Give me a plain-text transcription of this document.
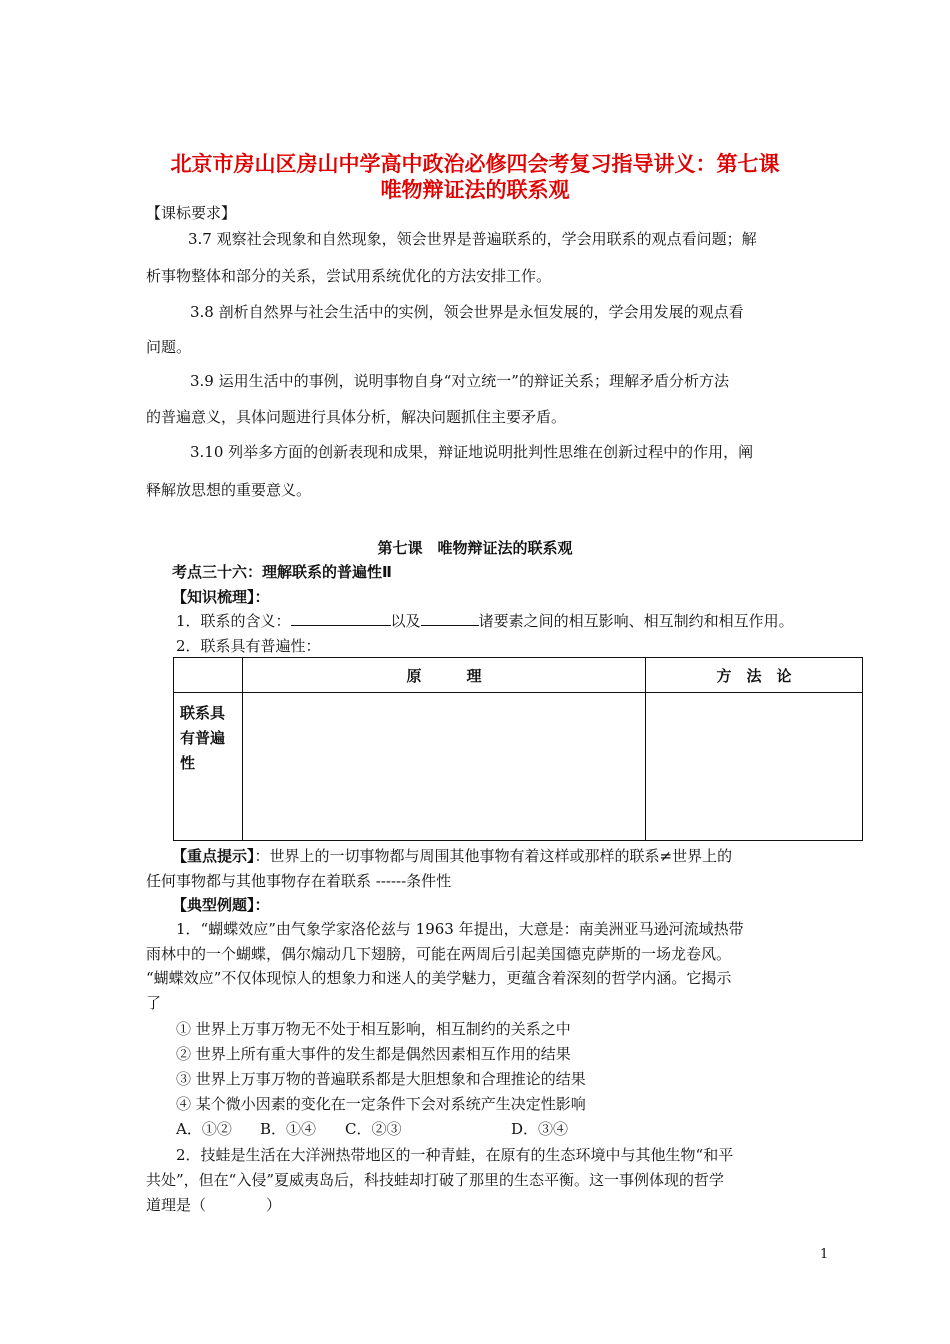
北京市房山区房山中学高中政治必修四会考复习指导讲义：第七课
唯物辩证法的联系观
【课标要求】
3.7 观察社会现象和自然现象，领会世界是普遍联系的，学会用联系的观点看问题；解
析事物整体和部分的关系，尝试用系统优化的方法安排工作。
3.8 剖析自然界与社会生活中的实例，领会世界是永恒发展的，学会用发展的观点看
问题。
3.9 运用生活中的事例，说明事物自身“对立统一”的辩证关系；理解矛盾分析方法
的普遍意义，具体问题进行具体分析，解决问题抓住主要矛盾。
3.10 列举多方面的创新表现和成果，辩证地说明批判性思维在创新过程中的作用，阐
释解放思想的重要意义。
第七课　唯物辩证法的联系观
考点三十六：理解联系的普遍性Ⅱ
【知识梳理】：
1．联系的含义：	以及	诸要素之间的相互影响、相互制约和相互作用。
2．联系具有普遍性：
	原　　　理	方　法　论
联系具有普遍性		
【重点提示】：世界上的一切事物都与周围其他事物有着这样或那样的联系≠世界上的
任何事物都与其他事物存在着联系 ------条件性
【典型例题】：
1．“蝴蝶效应”由气象学家洛伦兹与 1963 年提出，大意是：南美洲亚马逊河流域热带
雨林中的一个蝴蝶，偶尔煽动几下翅膀，可能在两周后引起美国德克萨斯的一场龙卷风。
“蝴蝶效应”不仅体现惊人的想象力和迷人的美学魅力，更蕴含着深刻的哲学内涵。它揭示
了
① 世界上万事万物无不处于相互影响，相互制约的关系之中
② 世界上所有重大事件的发生都是偶然因素相互作用的结果
③ 世界上万事万物的普遍联系都是大胆想象和合理推论的结果
④ 某个微小因素的变化在一定条件下会对系统产生决定性影响
A．①② B．①④ C．②③	D．③④
2．技蛙是生活在大洋洲热带地区的一种青蛙，在原有的生态环境中与其他生物“和平
共处”，但在“入侵”夏威夷岛后，科技蛙却打破了那里的生态平衡。这一事例体现的哲学
道理是（　　　　）
1
